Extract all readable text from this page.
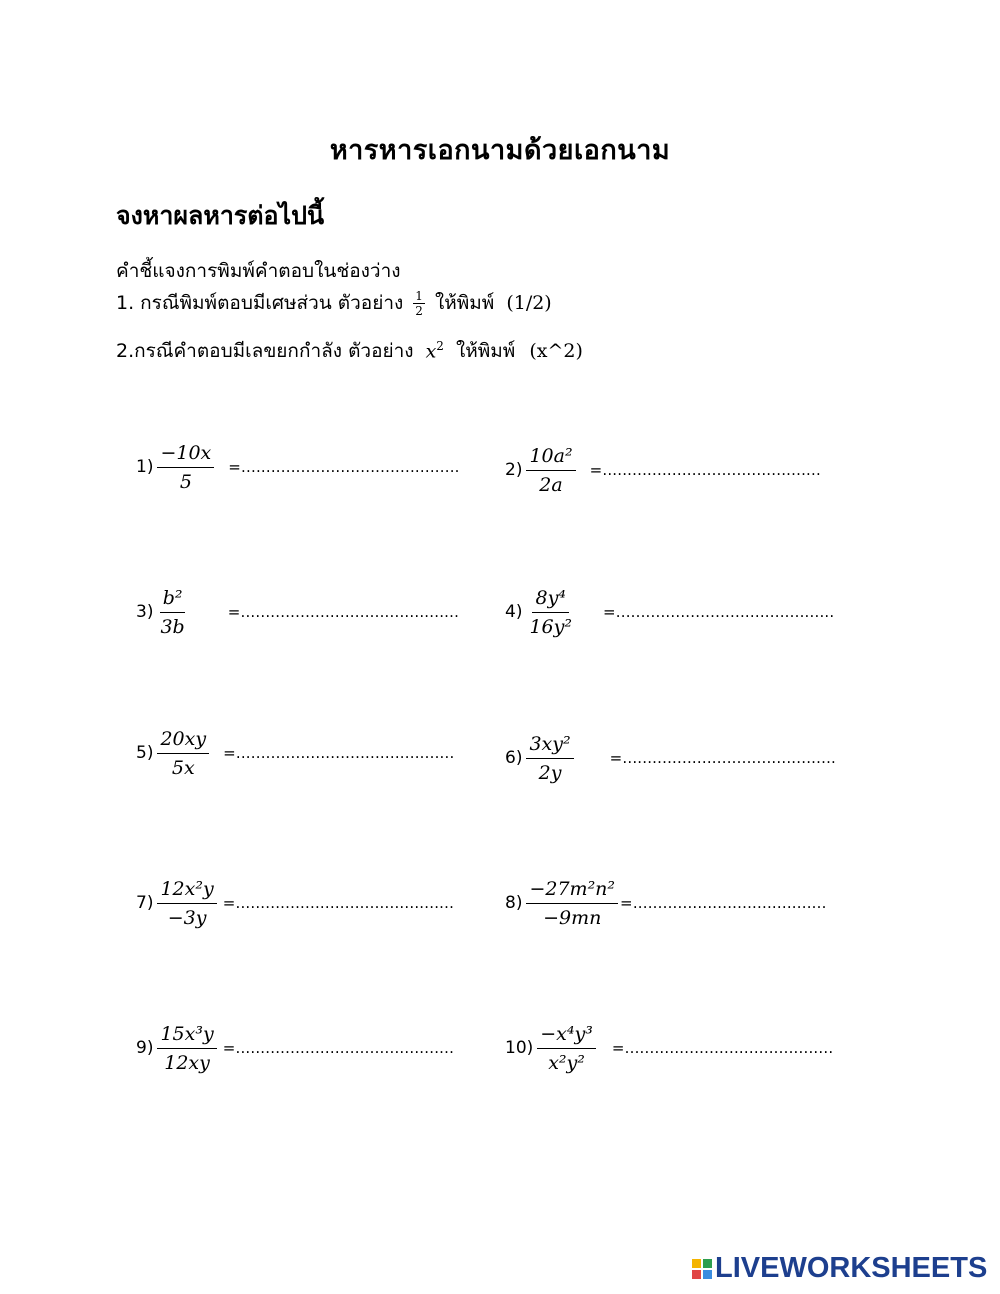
หารหารเอกนามด้วยเอกนาม
จงหาผลหารต่อไปนี้
คำชี้แจงการพิมพ์คำตอบในช่องว่าง
1. กรณีพิมพ์ตอบมีเศษส่วน ตัวอย่าง $\frac{1}{2}$ ให้พิมพ์ (1/2)
2.กรณีคำตอบมีเลขยกกำลัง ตัวอย่าง $x^2$ ให้พิมพ์ (x^2)
$1) \frac{-10x}{5}$ =............................................	$2) \frac{\text{10a²}}{2a}$ =............................................
$3) \frac{\text{b²}}{3b}$	=............................................	$4) \frac{\text{8y⁴}}{\text{16y²}}$ =............................................
$5) \frac{20xy}{5x}$ =............................................	$6) \frac{\text{3xy²}}{2y}$ =...........................................
$7) \frac{\text{12x²y}}{-3y}$ =............................................	$8) \frac{\text{−27m²n²}}{-9mn}$ =.......................................
$9) \frac{\text{15x³y}}{12xy}$ =............................................	$10) \frac{\text{−x⁴y³}}{\text{x²y²}}$ =..........................................
LIVEWORKSHEETS
